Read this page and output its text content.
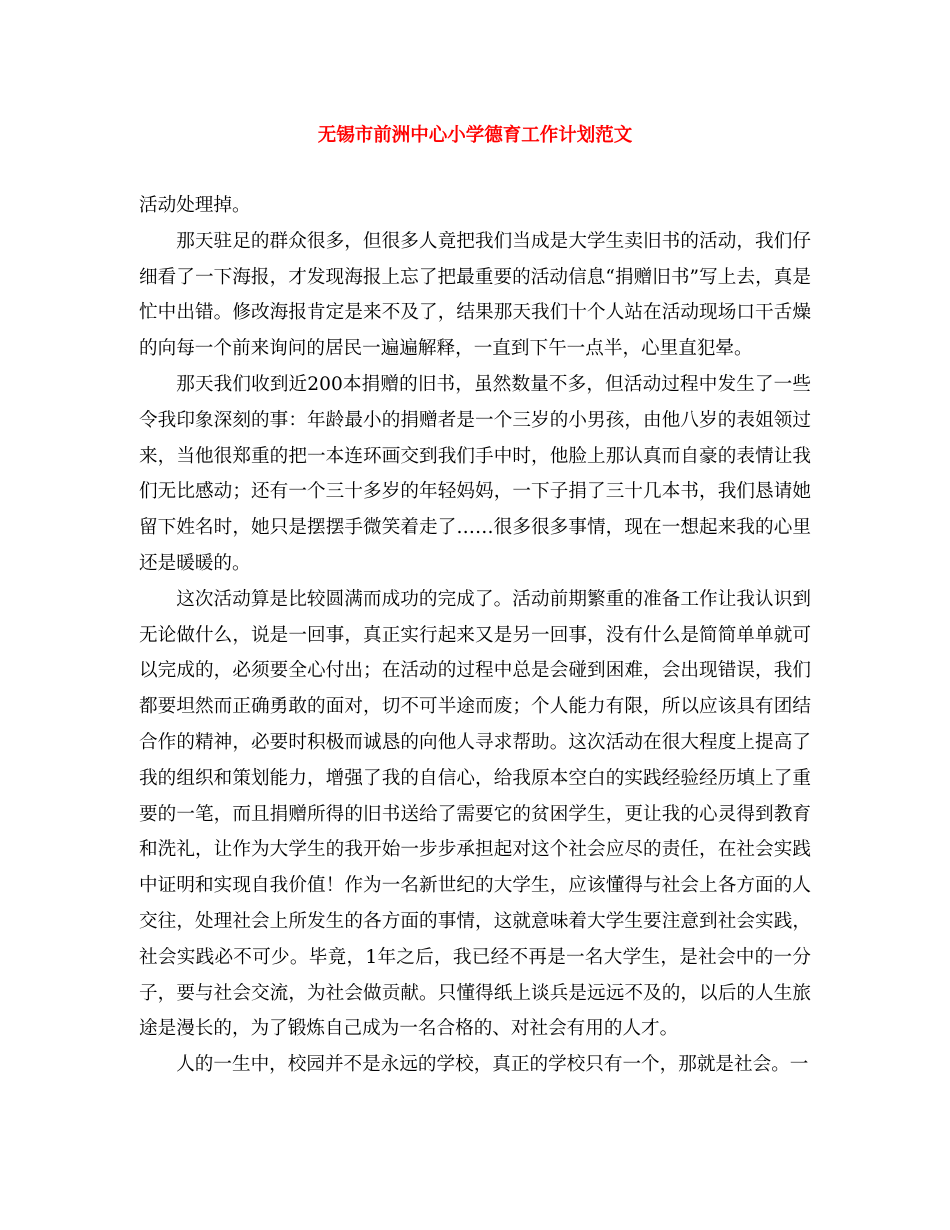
无锡市前洲中心小学德育工作计划范文

活动处理掉。

那天驻足的群众很多，但很多人竟把我们当成是大学生卖旧书的活动，我们仔细看了一下海报，才发现海报上忘了把最重要的活动信息“捐赠旧书”写上去，真是忙中出错。修改海报肯定是来不及了，结果那天我们十个人站在活动现场口干舌燥的向每一个前来询问的居民一遍遍解释，一直到下午一点半，心里直犯晕。

那天我们收到近200本捐赠的旧书，虽然数量不多，但活动过程中发生了一些令我印象深刻的事：年龄最小的捐赠者是一个三岁的小男孩，由他八岁的表姐领过来，当他很郑重的把一本连环画交到我们手中时，他脸上那认真而自豪的表情让我们无比感动；还有一个三十多岁的年轻妈妈，一下子捐了三十几本书，我们恳请她留下姓名时，她只是摆摆手微笑着走了……很多很多事情，现在一想起来我的心里还是暖暖的。

这次活动算是比较圆满而成功的完成了。活动前期繁重的准备工作让我认识到无论做什么，说是一回事，真正实行起来又是另一回事，没有什么是简简单单就可以完成的，必须要全心付出；在活动的过程中总是会碰到困难，会出现错误，我们都要坦然而正确勇敢的面对，切不可半途而废；个人能力有限，所以应该具有团结合作的精神，必要时积极而诚恳的向他人寻求帮助。这次活动在很大程度上提高了我的组织和策划能力，增强了我的自信心，给我原本空白的实践经验经历填上了重要的一笔，而且捐赠所得的旧书送给了需要它的贫困学生，更让我的心灵得到教育和洗礼，让作为大学生的我开始一步步承担起对这个社会应尽的责任，在社会实践中证明和实现自我价值！作为一名新世纪的大学生，应该懂得与社会上各方面的人交往，处理社会上所发生的各方面的事情，这就意味着大学生要注意到社会实践，社会实践必不可少。毕竟，1年之后，我已经不再是一名大学生，是社会中的一分子，要与社会交流，为社会做贡献。只懂得纸上谈兵是远远不及的，以后的人生旅途是漫长的，为了锻炼自己成为一名合格的、对社会有用的人才。

人的一生中，校园并不是永远的学校，真正的学校只有一个，那就是社会。一
